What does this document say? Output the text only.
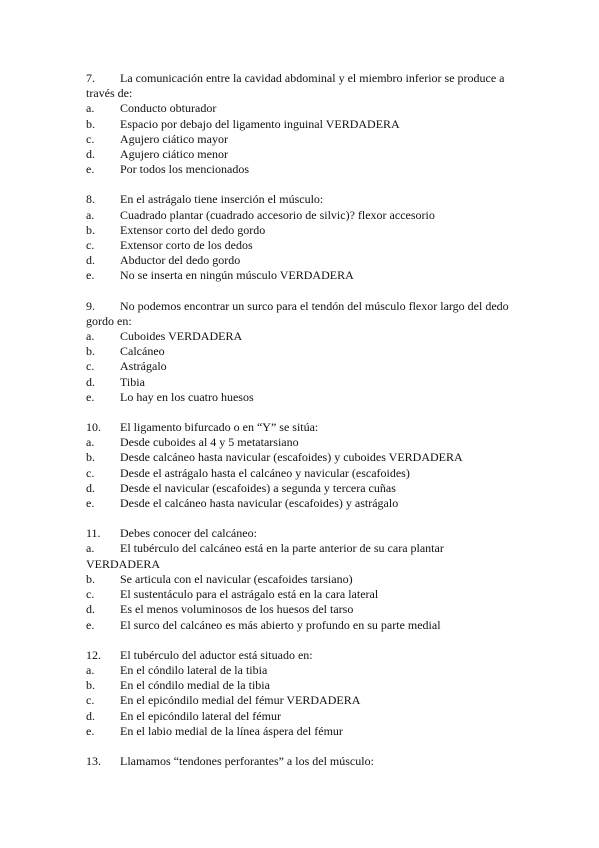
7.	La comunicación entre la cavidad abdominal y el miembro inferior se produce a
través de:
a.	Conducto obturador
b.	Espacio por debajo del ligamento inguinal VERDADERA
c.	Agujero ciático mayor
d.	Agujero ciático menor
e.	Por todos los mencionados
8.	En el astrágalo tiene inserción el músculo:
a.	Cuadrado plantar (cuadrado accesorio de silvic)? flexor accesorio
b.	Extensor corto del dedo gordo
c.	Extensor corto de los dedos
d.	Abductor del dedo gordo
e.	No se inserta en ningún músculo VERDADERA
9.	No podemos encontrar un surco para el tendón del músculo flexor largo del dedo
gordo en:
a.	Cuboides VERDADERA
b.	Calcáneo
c.	Astrágalo
d.	Tibia
e.	Lo hay en los cuatro huesos
10.	El ligamento bifurcado o en “Y” se sitúa:
a.	Desde cuboides al 4 y 5 metatarsiano
b.	Desde calcáneo hasta navicular (escafoides) y cuboides VERDADERA
c.	Desde el astrágalo hasta el calcáneo y navicular (escafoides)
d.	Desde el navicular (escafoides) a segunda y tercera cuñas
e.	Desde el calcáneo hasta navicular (escafoides) y astrágalo
11.	Debes conocer del calcáneo:
a.	El tubérculo del calcáneo está en la parte anterior de su cara plantar
VERDADERA
b.	Se articula con el navicular (escafoides tarsiano)
c.	El sustentáculo para el astrágalo está en la cara lateral
d.	Es el menos voluminosos de los huesos del tarso
e.	El surco del calcáneo es más abierto y profundo en su parte medial
12.	El tubérculo del aductor está situado en:
a.	En el cóndilo lateral de la tibia
b.	En el cóndilo medial de la tibia
c.	En el epicóndilo medial del fémur VERDADERA
d.	En el epicóndilo lateral del fémur
e.	En el labio medial de la línea áspera del fémur
13.	Llamamos “tendones perforantes” a los del músculo:
